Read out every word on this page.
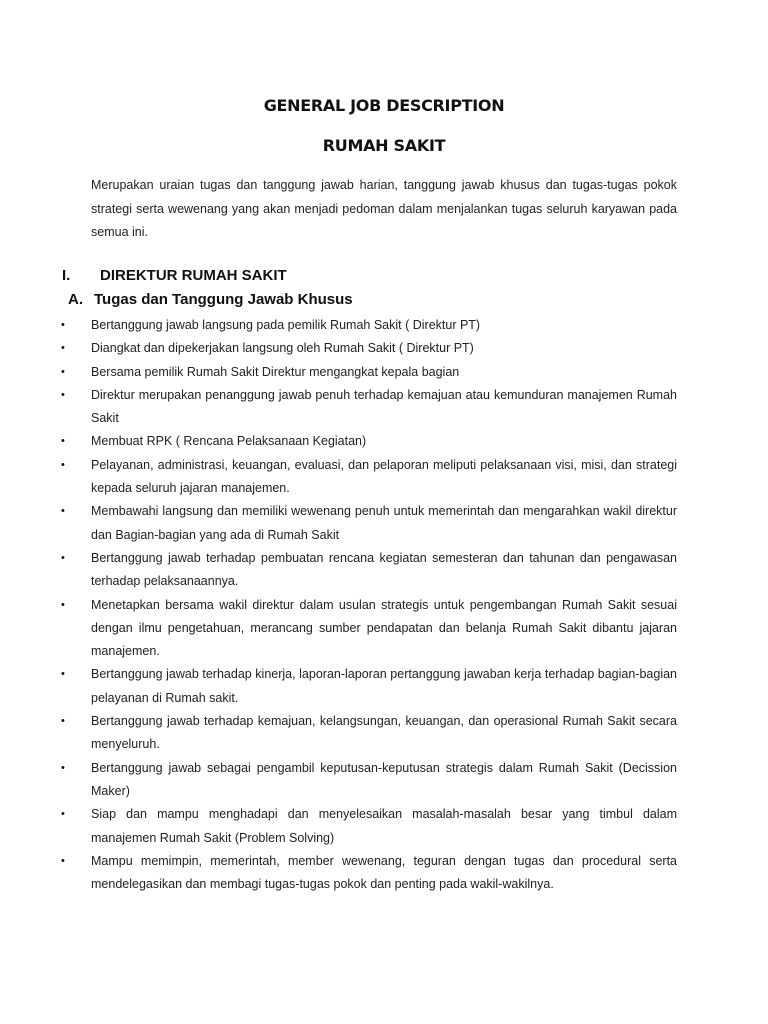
GENERAL JOB DESCRIPTION
RUMAH SAKIT

Merupakan uraian tugas dan tanggung jawab harian, tanggung jawab khusus dan tugas-tugas pokok strategi serta wewenang yang akan menjadi pedoman dalam menjalankan tugas seluruh karyawan pada semua ini.

I. DIREKTUR RUMAH SAKIT
A. Tugas dan Tanggung Jawab Khusus
• Bertanggung jawab langsung pada pemilik Rumah Sakit ( Direktur PT)
• Diangkat dan dipekerjakan langsung oleh Rumah Sakit ( Direktur PT)
• Bersama pemilik Rumah Sakit Direktur mengangkat kepala bagian
• Direktur merupakan penanggung jawab penuh terhadap kemajuan atau kemunduran manajemen Rumah Sakit
• Membuat RPK ( Rencana Pelaksanaan Kegiatan)
• Pelayanan, administrasi, keuangan, evaluasi, dan pelaporan meliputi pelaksanaan visi, misi, dan strategi kepada seluruh jajaran manajemen.
• Membawahi langsung dan memiliki wewenang penuh untuk memerintah dan mengarahkan wakil direktur dan Bagian-bagian yang ada di Rumah Sakit
• Bertanggung jawab terhadap pembuatan rencana kegiatan semesteran dan tahunan dan pengawasan terhadap pelaksanaannya.
• Menetapkan bersama wakil direktur dalam usulan strategis untuk pengembangan Rumah Sakit sesuai dengan ilmu pengetahuan, merancang sumber pendapatan dan belanja Rumah Sakit dibantu jajaran manajemen.
• Bertanggung jawab terhadap kinerja, laporan-laporan pertanggung jawaban kerja terhadap bagian-bagian pelayanan di Rumah sakit.
• Bertanggung jawab terhadap kemajuan, kelangsungan, keuangan, dan operasional Rumah Sakit secara menyeluruh.
• Bertanggung jawab sebagai pengambil keputusan-keputusan strategis dalam Rumah Sakit (Decission Maker)
• Siap dan mampu menghadapi dan menyelesaikan masalah-masalah besar yang timbul dalam manajemen Rumah Sakit (Problem Solving)
• Mampu memimpin, memerintah, member wewenang, teguran dengan tugas dan procedural serta mendelegasikan dan membagi tugas-tugas pokok dan penting pada wakil-wakilnya.
